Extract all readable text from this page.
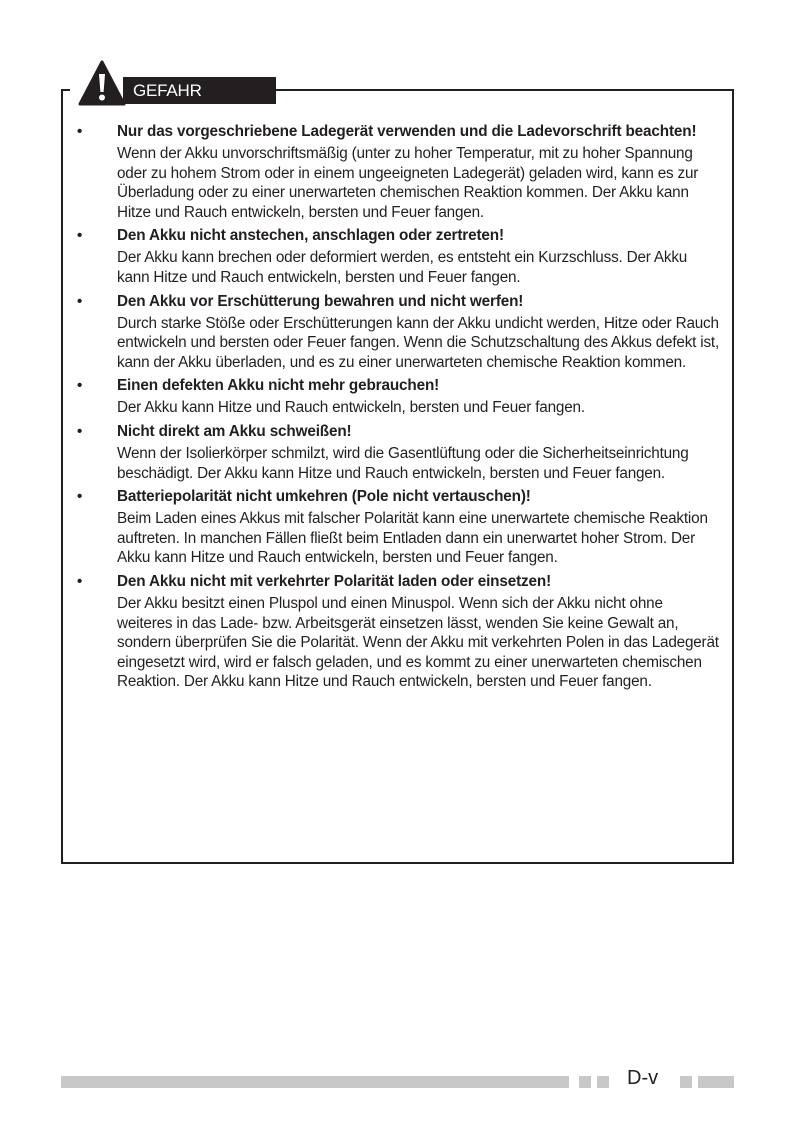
GEFAHR
•	Nur das vorgeschriebene Ladegerät verwenden und die Ladevorschrift beachten!
Wenn der Akku unvorschriftsmäßig (unter zu hoher Temperatur, mit zu hoher Spannung oder zu hohem Strom oder in einem ungeeigneten Ladegerät) geladen wird, kann es zur Überladung oder zu einer unerwarteten chemischen Reaktion kommen. Der Akku kann Hitze und Rauch entwickeln, bersten und Feuer fangen.
•	Den Akku nicht anstechen, anschlagen oder zertreten!
Der Akku kann brechen oder deformiert werden, es entsteht ein Kurzschluss. Der Akku kann Hitze und Rauch entwickeln, bersten und Feuer fangen.
•	Den Akku vor Erschütterung bewahren und nicht werfen!
Durch starke Stöße oder Erschütterungen kann der Akku undicht werden, Hitze oder Rauch entwickeln und bersten oder Feuer fangen. Wenn die Schutzschaltung des Akkus defekt ist, kann der Akku überladen, und es zu einer unerwarteten chemische Reaktion kommen.
•	Einen defekten Akku nicht mehr gebrauchen!
Der Akku kann Hitze und Rauch entwickeln, bersten und Feuer fangen.
•	Nicht direkt am Akku schweißen!
Wenn der Isolierkörper schmilzt, wird die Gasentlüftung oder die Sicherheitseinrichtung beschädigt. Der Akku kann Hitze und Rauch entwickeln, bersten und Feuer fangen.
•	Batteriepolarität nicht umkehren (Pole nicht vertauschen)!
Beim Laden eines Akkus mit falscher Polarität kann eine unerwartete chemische Reaktion auftreten. In manchen Fällen fließt beim Entladen dann ein unerwartet hoher Strom. Der Akku kann Hitze und Rauch entwickeln, bersten und Feuer fangen.
•	Den Akku nicht mit verkehrter Polarität laden oder einsetzen!
Der Akku besitzt einen Pluspol und einen Minuspol. Wenn sich der Akku nicht ohne weiteres in das Lade- bzw. Arbeitsgerät einsetzen lässt, wenden Sie keine Gewalt an, sondern überprüfen Sie die Polarität. Wenn der Akku mit verkehrten Polen in das Ladegerät eingesetzt wird, wird er falsch geladen, und es kommt zu einer unerwarteten chemischen Reaktion. Der Akku kann Hitze und Rauch entwickeln, bersten und Feuer fangen.
D-v
